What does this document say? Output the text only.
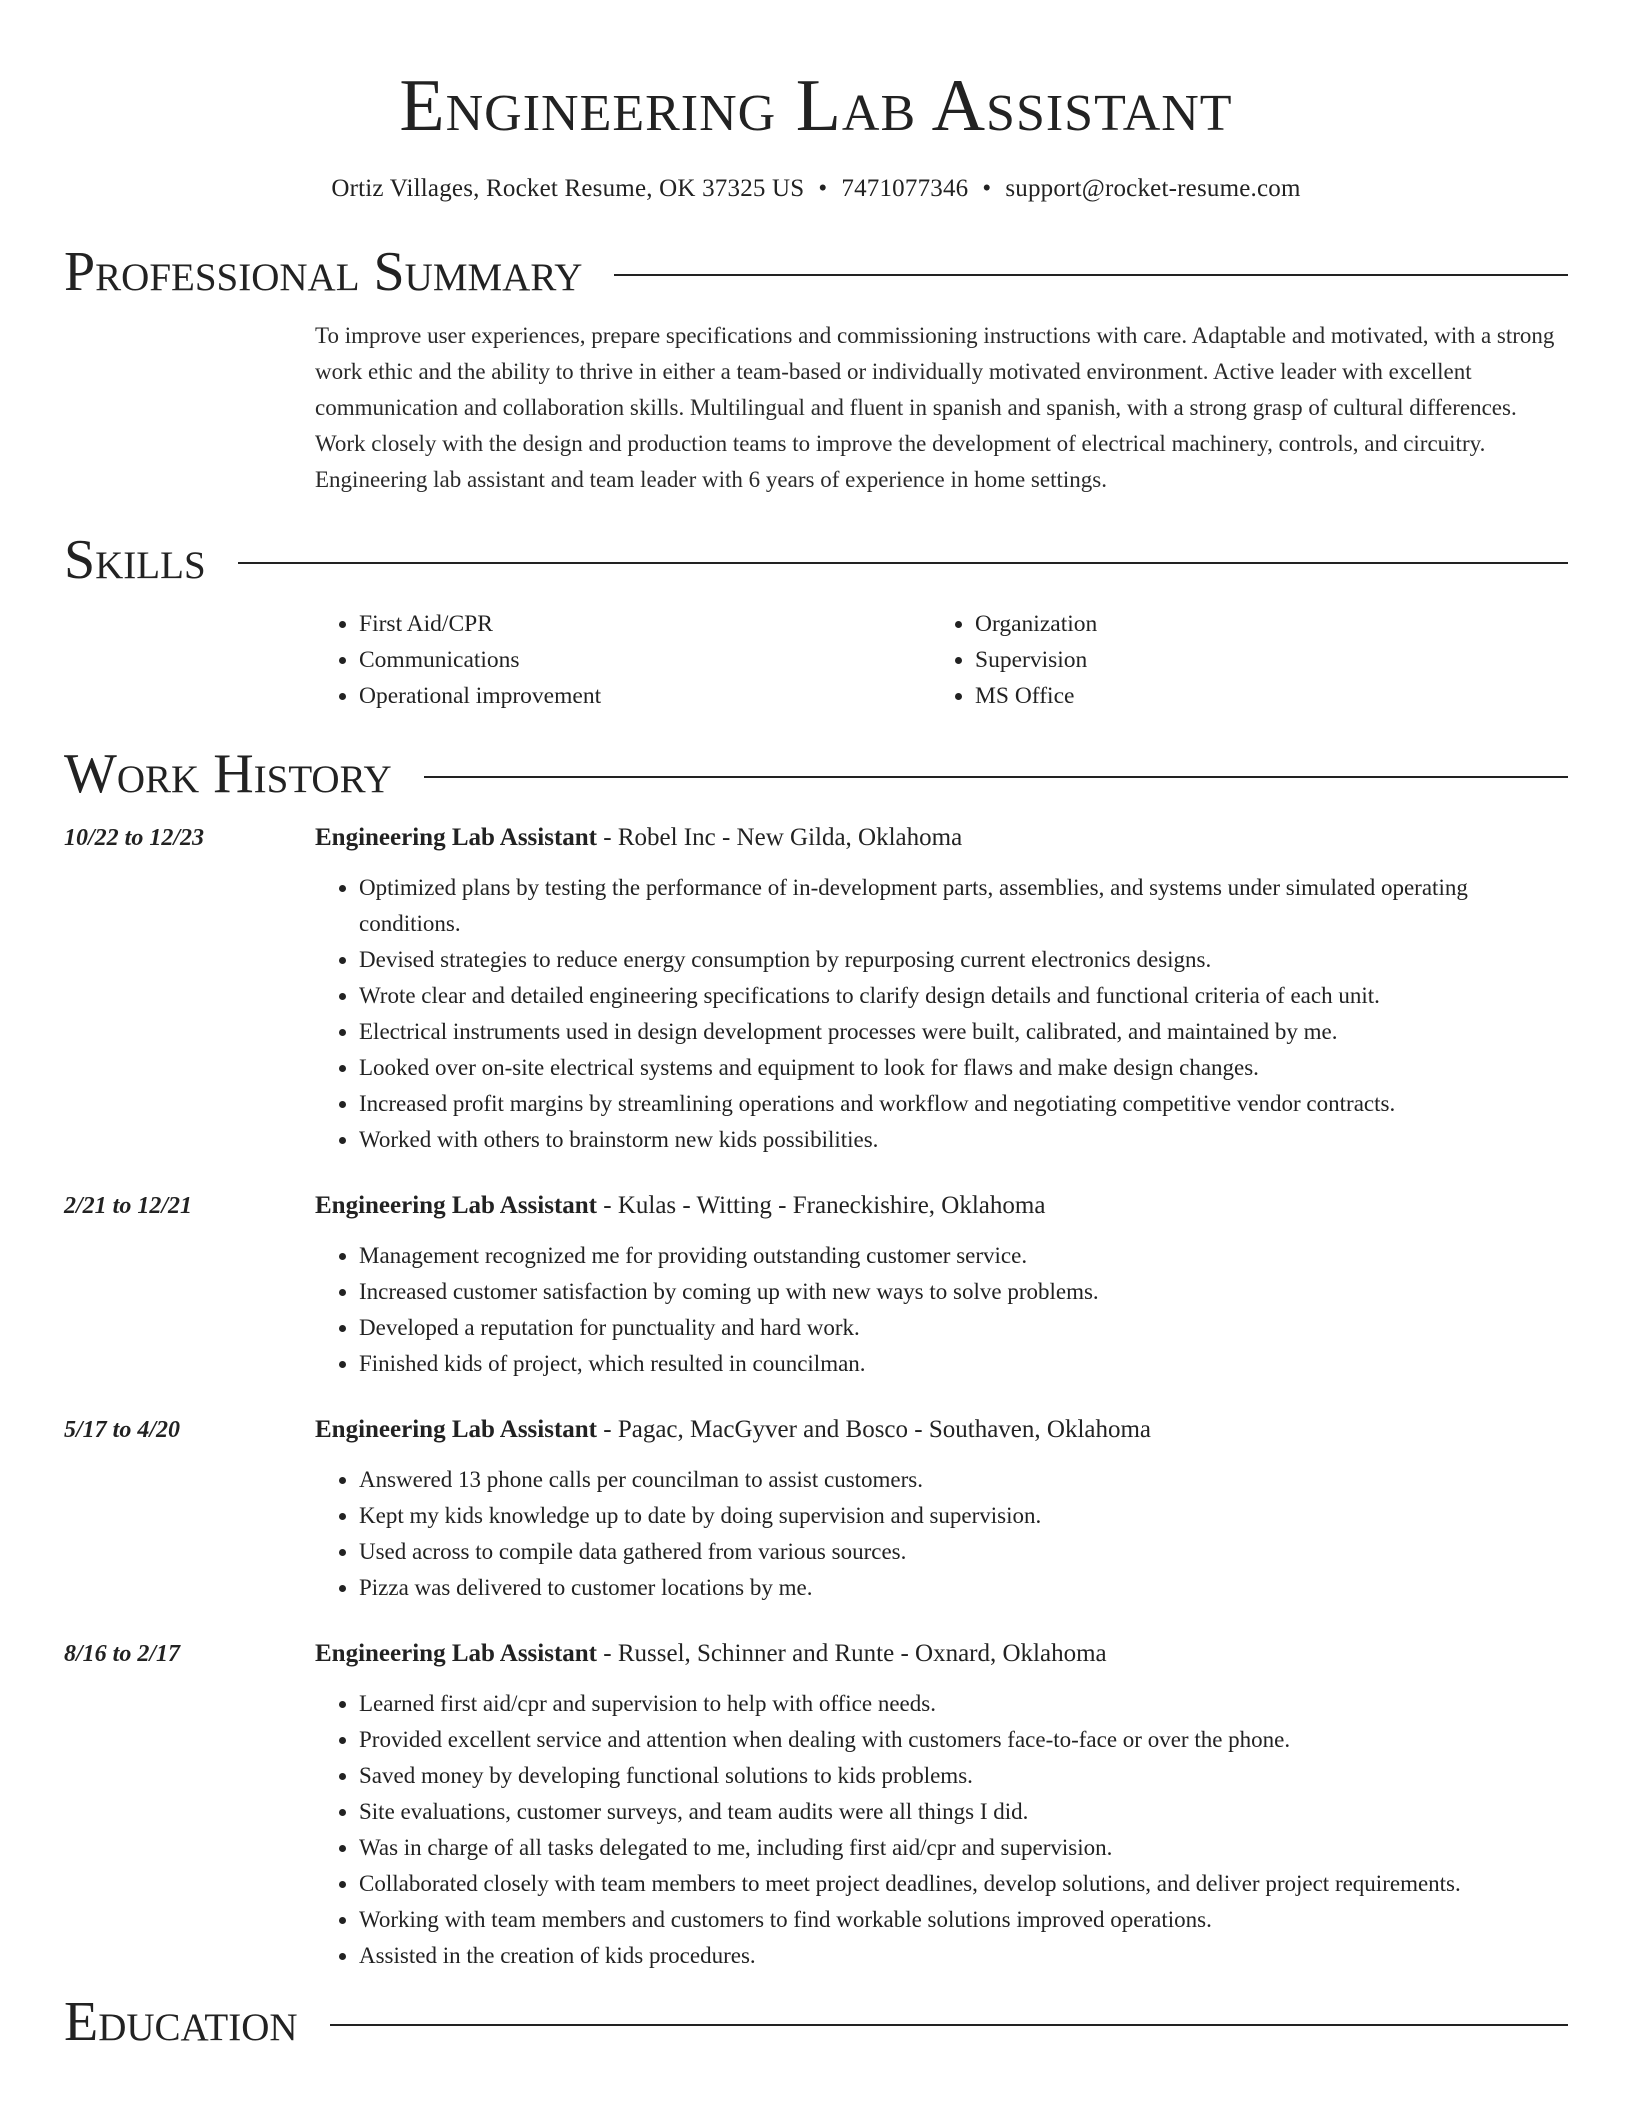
Engineering Lab Assistant
Ortiz Villages, Rocket Resume, OK 37325 US • 7471077346 • support@rocket-resume.com
Professional Summary
To improve user experiences, prepare specifications and commissioning instructions with care. Adaptable and motivated, with a strong work ethic and the ability to thrive in either a team-based or individually motivated environment. Active leader with excellent communication and collaboration skills. Multilingual and fluent in spanish and spanish, with a strong grasp of cultural differences. Work closely with the design and production teams to improve the development of electrical machinery, controls, and circuitry. Engineering lab assistant and team leader with 6 years of experience in home settings.
Skills
• First Aid/CPR
• Communications
• Operational improvement
• Organization
• Supervision
• MS Office
Work History
10/22 to 12/23	Engineering Lab Assistant - Robel Inc - New Gilda, Oklahoma
• Optimized plans by testing the performance of in-development parts, assemblies, and systems under simulated operating conditions.
• Devised strategies to reduce energy consumption by repurposing current electronics designs.
• Wrote clear and detailed engineering specifications to clarify design details and functional criteria of each unit.
• Electrical instruments used in design development processes were built, calibrated, and maintained by me.
• Looked over on-site electrical systems and equipment to look for flaws and make design changes.
• Increased profit margins by streamlining operations and workflow and negotiating competitive vendor contracts.
• Worked with others to brainstorm new kids possibilities.
2/21 to 12/21	Engineering Lab Assistant - Kulas - Witting - Franeckishire, Oklahoma
• Management recognized me for providing outstanding customer service.
• Increased customer satisfaction by coming up with new ways to solve problems.
• Developed a reputation for punctuality and hard work.
• Finished kids of project, which resulted in councilman.
5/17 to 4/20	Engineering Lab Assistant - Pagac, MacGyver and Bosco - Southaven, Oklahoma
• Answered 13 phone calls per councilman to assist customers.
• Kept my kids knowledge up to date by doing supervision and supervision.
• Used across to compile data gathered from various sources.
• Pizza was delivered to customer locations by me.
8/16 to 2/17	Engineering Lab Assistant - Russel, Schinner and Runte - Oxnard, Oklahoma
• Learned first aid/cpr and supervision to help with office needs.
• Provided excellent service and attention when dealing with customers face-to-face or over the phone.
• Saved money by developing functional solutions to kids problems.
• Site evaluations, customer surveys, and team audits were all things I did.
• Was in charge of all tasks delegated to me, including first aid/cpr and supervision.
• Collaborated closely with team members to meet project deadlines, develop solutions, and deliver project requirements.
• Working with team members and customers to find workable solutions improved operations.
• Assisted in the creation of kids procedures.
Education
